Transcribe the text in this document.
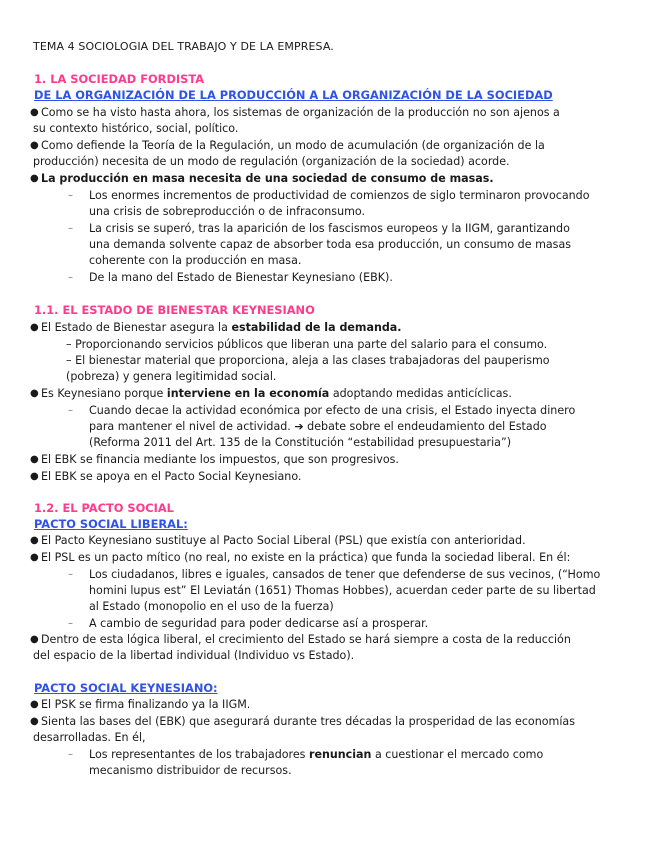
TEMA 4 SOCIOLOGIA DEL TRABAJO Y DE LA EMPRESA.
1. LA SOCIEDAD FORDISTA
DE LA ORGANIZACIÓN DE LA PRODUCCIÓN A LA ORGANIZACIÓN DE LA SOCIEDAD
● Como se ha visto hasta ahora, los sistemas de organización de la producción no son ajenos a
su contexto histórico, social, político.
● Como defiende la Teoría de la Regulación, un modo de acumulación (de organización de la
producción) necesita de un modo de regulación (organización de la sociedad) acorde.
● La producción en masa necesita de una sociedad de consumo de masas.
– Los enormes incrementos de productividad de comienzos de siglo terminaron provocando
una crisis de sobreproducción o de infraconsumo.
– La crisis se superó, tras la aparición de los fascismos europeos y la IIGM, garantizando
una demanda solvente capaz de absorber toda esa producción, un consumo de masas
coherente con la producción en masa.
– De la mano del Estado de Bienestar Keynesiano (EBK).
1.1. EL ESTADO DE BIENESTAR KEYNESIANO
● El Estado de Bienestar asegura la estabilidad de la demanda.
– Proporcionando servicios públicos que liberan una parte del salario para el consumo.
– El bienestar material que proporciona, aleja a las clases trabajadoras del pauperismo
(pobreza) y genera legitimidad social.
● Es Keynesiano porque interviene en la economía adoptando medidas anticíclicas.
– Cuando decae la actividad económica por efecto de una crisis, el Estado inyecta dinero
para mantener el nivel de actividad. ➔ debate sobre el endeudamiento del Estado
(Reforma 2011 del Art. 135 de la Constitución “estabilidad presupuestaria”)
● El EBK se financia mediante los impuestos, que son progresivos.
● El EBK se apoya en el Pacto Social Keynesiano.
1.2. EL PACTO SOCIAL
PACTO SOCIAL LIBERAL:
● El Pacto Keynesiano sustituye al Pacto Social Liberal (PSL) que existía con anterioridad.
● El PSL es un pacto mítico (no real, no existe en la práctica) que funda la sociedad liberal. En él:
– Los ciudadanos, libres e iguales, cansados de tener que defenderse de sus vecinos, (“Homo
homini lupus est” El Leviatán (1651) Thomas Hobbes), acuerdan ceder parte de su libertad
al Estado (monopolio en el uso de la fuerza)
– A cambio de seguridad para poder dedicarse así a prosperar.
● Dentro de esta lógica liberal, el crecimiento del Estado se hará siempre a costa de la reducción
del espacio de la libertad individual (Individuo vs Estado).
PACTO SOCIAL KEYNESIANO:
● El PSK se firma finalizando ya la IIGM.
● Sienta las bases del (EBK) que asegurará durante tres décadas la prosperidad de las economías
desarrolladas. En él,
– Los representantes de los trabajadores renuncian a cuestionar el mercado como
mecanismo distribuidor de recursos.
